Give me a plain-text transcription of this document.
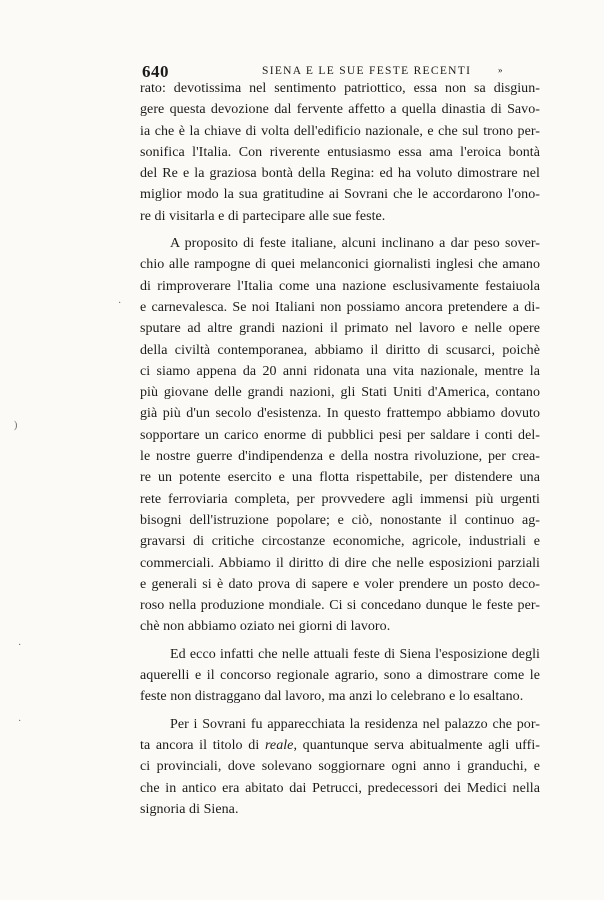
640	SIENA E LE SUE FESTE RECENTI	»
rato: devotissima nel sentimento patriottico, essa non sa disgiun-
gere questa devozione dal fervente affetto a quella dinastia di Savo-
ia che è la chiave di volta dell'edificio nazionale, e che sul trono per-
sonifica l'Italia. Con riverente entusiasmo essa ama l'eroica bontà
del Re e la graziosa bontà della Regina: ed ha voluto dimostrare nel
miglior modo la sua gratitudine ai Sovrani che le accordarono l'ono-
re di visitarla e di partecipare alle sue feste.
A proposito di feste italiane, alcuni inclinano a dar peso sover-
chio alle rampogne di quei melanconici giornalisti inglesi che amano
di rimproverare l'Italia come una nazione esclusivamente festaiuola
e carnevalesca. Se noi Italiani non possiamo ancora pretendere a di-
sputare ad altre grandi nazioni il primato nel lavoro e nelle opere
della civiltà contemporanea, abbiamo il diritto di scusarci, poichè
ci siamo appena da 20 anni ridonata una vita nazionale, mentre la
più giovane delle grandi nazioni, gli Stati Uniti d'America, contano
già più d'un secolo d'esistenza. In questo frattempo abbiamo dovuto
sopportare un carico enorme di pubblici pesi per saldare i conti del-
le nostre guerre d'indipendenza e della nostra rivoluzione, per crea-
re un potente esercito e una flotta rispettabile, per distendere una
rete ferroviaria completa, per provvedere agli immensi più urgenti
bisogni dell'istruzione popolare; e ciò, nonostante il continuo ag-
gravarsi di critiche circostanze economiche, agricole, industriali e
commerciali. Abbiamo il diritto di dire che nelle esposizioni parziali
e generali si è dato prova di sapere e voler prendere un posto deco-
roso nella produzione mondiale. Ci si concedano dunque le feste per-
chè non abbiamo oziato nei giorni di lavoro.
Ed ecco infatti che nelle attuali feste di Siena l'esposizione degli
aquerelli e il concorso regionale agrario, sono a dimostrare come le
feste non distraggano dal lavoro, ma anzi lo celebrano e lo esaltano.
Per i Sovrani fu apparecchiata la residenza nel palazzo che por-
ta ancora il titolo di reale, quantunque serva abitualmente agli uffi-
ci provinciali, dove solevano soggiornare ogni anno i granduchi, e
che in antico era abitato dai Petrucci, predecessori dei Medici nella
signoria di Siena.
·
)
·
·
